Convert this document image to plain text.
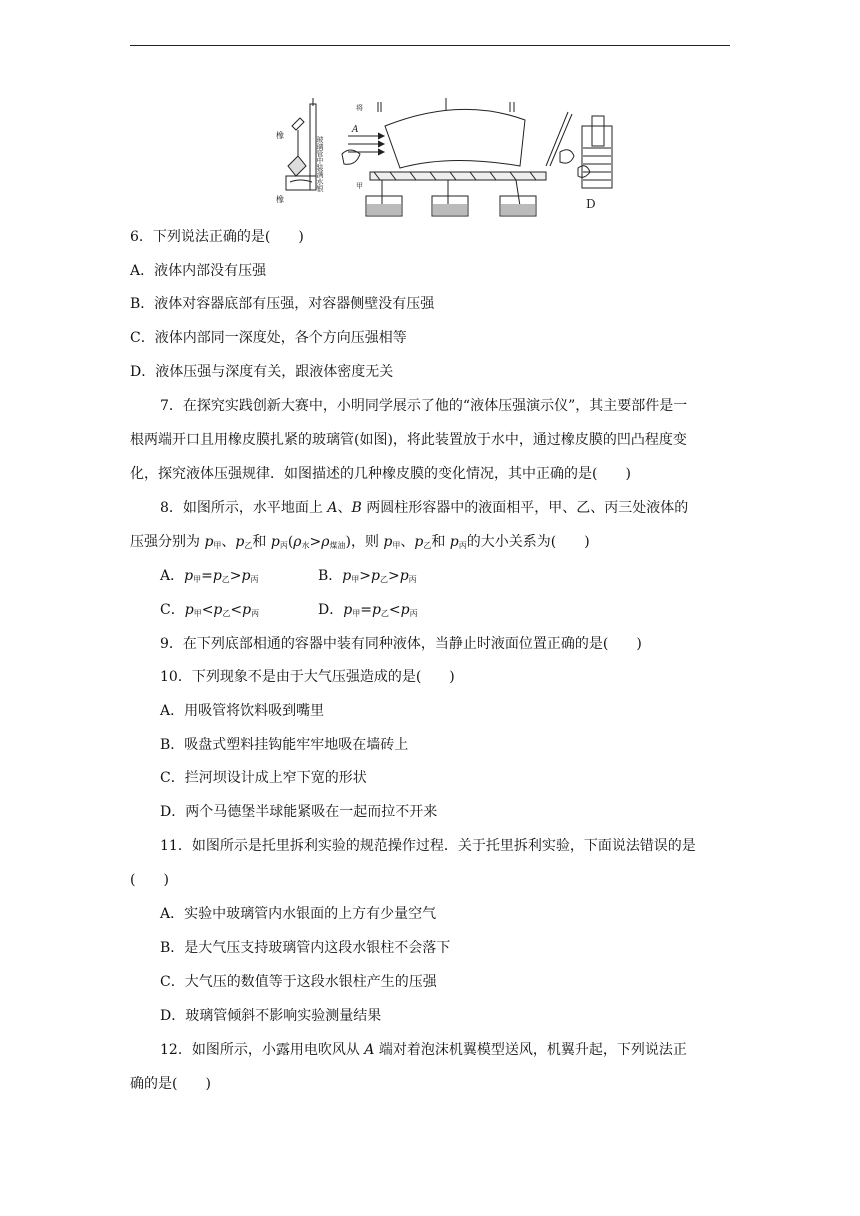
橡
橡
玻璃管中装满水银
将
A
甲
D
6．下列说法正确的是(　　)
A．液体内部没有压强
B．液体对容器底部有压强，对容器侧壁没有压强
C．液体内部同一深度处，各个方向压强相等
D．液体压强与深度有关，跟液体密度无关
7．在探究实践创新大赛中，小明同学展示了他的“液体压强演示仪”，其主要部件是一
根两端开口且用橡皮膜扎紧的玻璃管(如图)，将此装置放于水中，通过橡皮膜的凹凸程度变
化，探究液体压强规律．如图描述的几种橡皮膜的变化情况，其中正确的是(　　)
8．如图所示，水平地面上 A、B 两圆柱形容器中的液面相平，甲、乙、丙三处液体的
压强分别为 $p_甲$、$p_乙$和 $p_丙(\rho_水>\rho_{煤油})$，则 $p_甲$、$p_乙$和 $p_丙$的大小关系为(　　)
A．$p_甲=p_乙>p_丙$	B．$p_甲>p_乙>p_丙$
C．$p_甲<p_乙<p_丙$	D．$p_甲=p_乙<p_丙$
9．在下列底部相通的容器中装有同种液体，当静止时液面位置正确的是(　　)
10．下列现象不是由于大气压强造成的是(　　)
A．用吸管将饮料吸到嘴里
B．吸盘式塑料挂钩能牢牢地吸在墙砖上
C．拦河坝设计成上窄下宽的形状
D．两个马德堡半球能紧吸在一起而拉不开来
11．如图所示是托里拆利实验的规范操作过程．关于托里拆利实验，下面说法错误的是
(　　)
A．实验中玻璃管内水银面的上方有少量空气
B．是大气压支持玻璃管内这段水银柱不会落下
C．大气压的数值等于这段水银柱产生的压强
D．玻璃管倾斜不影响实验测量结果
12．如图所示，小露用电吹风从 A 端对着泡沫机翼模型送风，机翼升起，下列说法正
确的是(　　)
